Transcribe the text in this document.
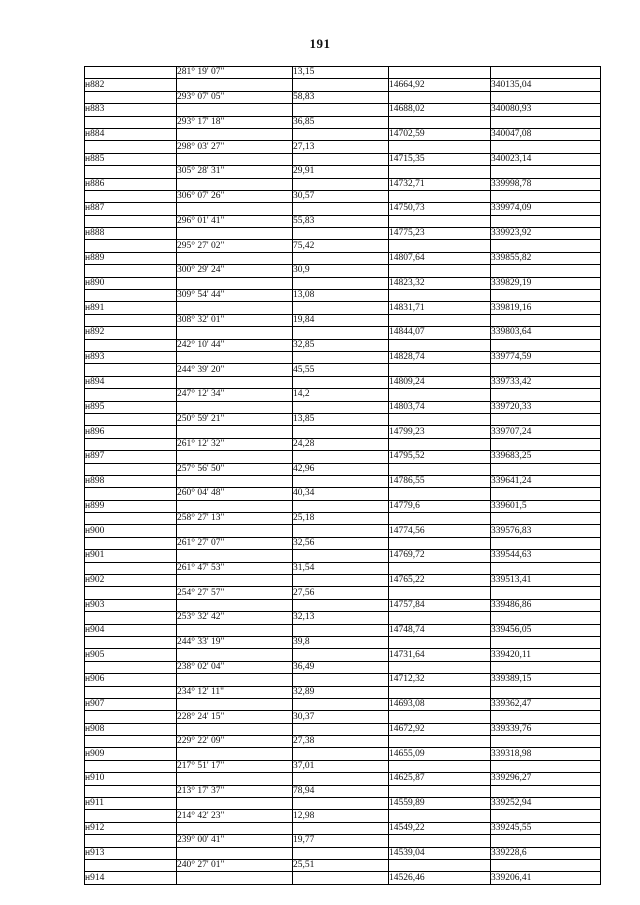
191
	281° 19' 07"	13,15		
н882			14664,92	340135,04
	293° 07' 05"	58,83		
н883			14688,02	340080,93
	293° 17' 18"	36,85		
н884			14702,59	340047,08
	298° 03' 27"	27,13		
н885			14715,35	340023,14
	305° 28' 31"	29,91		
н886			14732,71	339998,78
	306° 07' 26"	30,57		
н887			14750,73	339974,09
	296° 01' 41"	55,83		
н888			14775,23	339923,92
	295° 27' 02"	75,42		
н889			14807,64	339855,82
	300° 29' 24"	30,9		
н890			14823,32	339829,19
	309° 54' 44"	13,08		
н891			14831,71	339819,16
	308° 32' 01"	19,84		
н892			14844,07	339803,64
	242° 10' 44"	32,85		
н893			14828,74	339774,59
	244° 39' 20"	45,55		
н894			14809,24	339733,42
	247° 12' 34"	14,2		
н895			14803,74	339720,33
	250° 59' 21"	13,85		
н896			14799,23	339707,24
	261° 12' 32"	24,28		
н897			14795,52	339683,25
	257° 56' 50"	42,96		
н898			14786,55	339641,24
	260° 04' 48"	40,34		
н899			14779,6	339601,5
	258° 27' 13"	25,18		
н900			14774,56	339576,83
	261° 27' 07"	32,56		
н901			14769,72	339544,63
	261° 47' 53"	31,54		
н902			14765,22	339513,41
	254° 27' 57"	27,56		
н903			14757,84	339486,86
	253° 32' 42"	32,13		
н904			14748,74	339456,05
	244° 33' 19"	39,8		
н905			14731,64	339420,11
	238° 02' 04"	36,49		
н906			14712,32	339389,15
	234° 12' 11"	32,89		
н907			14693,08	339362,47
	228° 24' 15"	30,37		
н908			14672,92	339339,76
	229° 22' 09"	27,38		
н909			14655,09	339318,98
	217° 51' 17"	37,01		
н910			14625,87	339296,27
	213° 17' 37"	78,94		
н911			14559,89	339252,94
	214° 42' 23"	12,98		
н912			14549,22	339245,55
	239° 00' 41"	19,77		
н913			14539,04	339228,6
	240° 27' 01"	25,51		
н914			14526,46	339206,41
